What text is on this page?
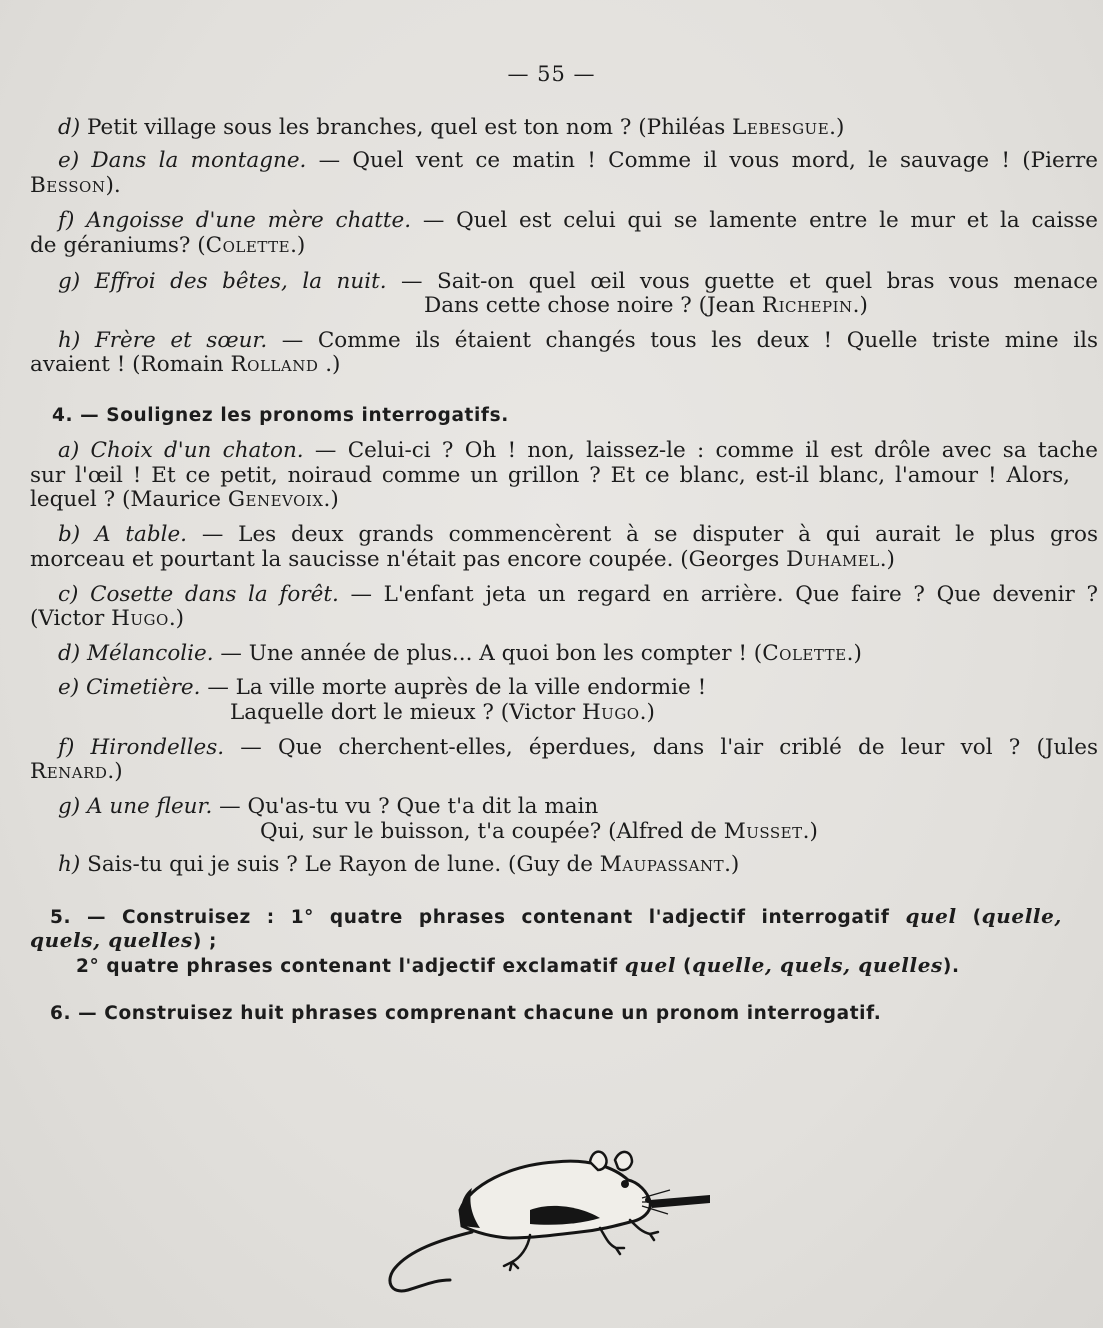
— 55 —
d) Petit village sous les branches, quel est ton nom ? (Philéas Lebesgue.)
e) Dans la montagne. — Quel vent ce matin ! Comme il vous mord, le sauvage ! (Pierre
Besson).
f) Angoisse d'une mère chatte. — Quel est celui qui se lamente entre le mur et la caisse
de géraniums? (Colette.)
g) Effroi des bêtes, la nuit. — Sait-on quel œil vous guette et quel bras vous menace
Dans cette chose noire ? (Jean Richepin.)
h) Frère et sœur. — Comme ils étaient changés tous les deux ! Quelle triste mine ils
avaient ! (Romain Rolland .)
4. — Soulignez les pronoms interrogatifs.
a) Choix d'un chaton. — Celui-ci ? Oh ! non, laissez-le : comme il est drôle avec sa tache
sur l'œil ! Et ce petit, noiraud comme un grillon ? Et ce blanc, est-il blanc, l'amour ! Alors,
lequel ? (Maurice Genevoix.)
b) A table. — Les deux grands commencèrent à se disputer à qui aurait le plus gros
morceau et pourtant la saucisse n'était pas encore coupée. (Georges Duhamel.)
c) Cosette dans la forêt. — L'enfant jeta un regard en arrière. Que faire ? Que devenir ?
(Victor Hugo.)
d) Mélancolie. — Une année de plus... A quoi bon les compter ! (Colette.)
e) Cimetière. — La ville morte auprès de la ville endormie !
Laquelle dort le mieux ? (Victor Hugo.)
f) Hirondelles. — Que cherchent-elles, éperdues, dans l'air criblé de leur vol ? (Jules
Renard.)
g) A une fleur. — Qu'as-tu vu ? Que t'a dit la main
Qui, sur le buisson, t'a coupée? (Alfred de Musset.)
h) Sais-tu qui je suis ? Le Rayon de lune. (Guy de Maupassant.)
5. — Construisez : 1° quatre phrases contenant l'adjectif interrogatif quel (quelle,
quels, quelles) ;
2° quatre phrases contenant l'adjectif exclamatif quel (quelle, quels, quelles).
6. — Construisez huit phrases comprenant chacune un pronom interrogatif.
